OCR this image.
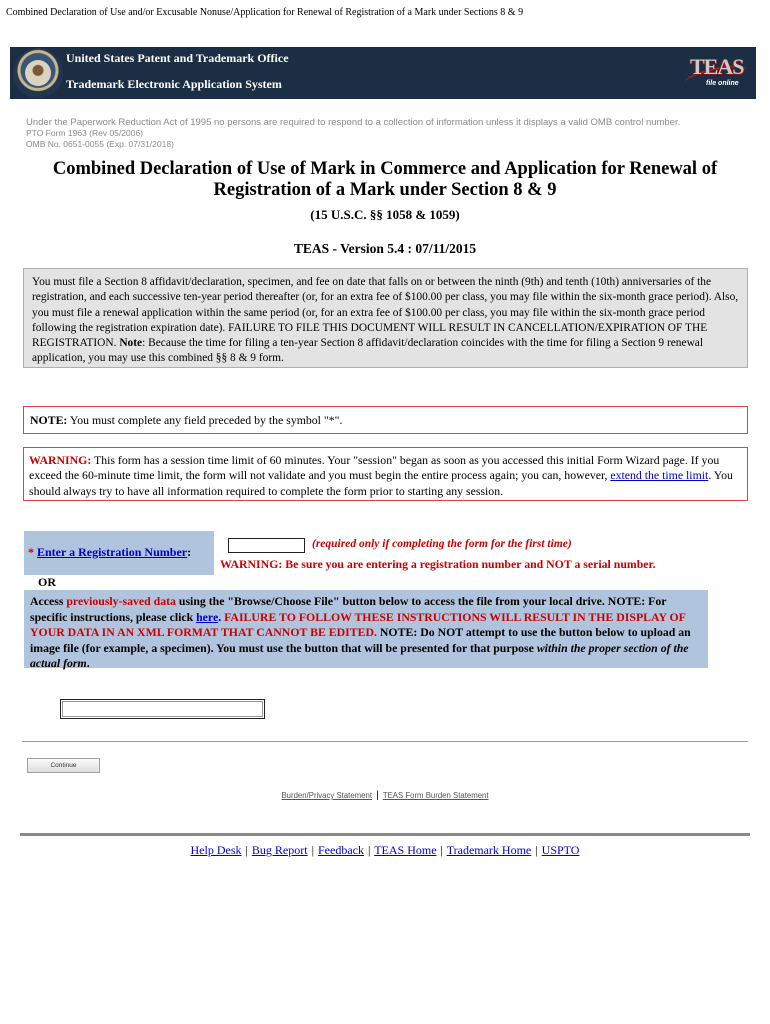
Combined Declaration of Use and/or Excusable Nonuse/Application for Renewal of Registration of a Mark under Sections 8 & 9
United States Patent and Trademark Office
Trademark Electronic Application System
TEAS
file online
Under the Paperwork Reduction Act of 1995 no persons are required to respond to a collection of information unless it displays a valid OMB control number.
PTO Form 1963 (Rev 05/2006)
OMB No. 0651-0055 (Exp. 07/31/2018)
Combined Declaration of Use of Mark in Commerce and Application for Renewal of Registration of a Mark under Section 8 & 9
(15 U.S.C. §§ 1058 & 1059)
TEAS - Version 5.4 : 07/11/2015

You must file a Section 8 affidavit/declaration, specimen, and fee on date that falls on or between the ninth (9th) and tenth (10th) anniversaries of the registration, and each successive ten-year period thereafter (or, for an extra fee of $100.00 per class, you may file within the six-month grace period). Also, you must file a renewal application within the same period (or, for an extra fee of $100.00 per class, you may file within the six-month grace period following the registration expiration date). FAILURE TO FILE THIS DOCUMENT WILL RESULT IN CANCELLATION/EXPIRATION OF THE REGISTRATION. Note: Because the time for filing a ten-year Section 8 affidavit/declaration coincides with the time for filing a Section 9 renewal application, you may use this combined §§ 8 & 9 form.

NOTE: You must complete any field preceded by the symbol "*".
WARNING: This form has a session time limit of 60 minutes. Your "session" began as soon as you accessed this initial Form Wizard page. If you exceed the 60-minute time limit, the form will not validate and you must begin the entire process again; you can, however, extend the time limit. You should always try to have all information required to complete the form prior to starting any session.
* Enter a Registration Number:
(required only if completing the form for the first time)
WARNING: Be sure you are entering a registration number and NOT a serial number.
OR
Access previously-saved data using the "Browse/Choose File" button below to access the file from your local drive. NOTE: For specific instructions, please click here. FAILURE TO FOLLOW THESE INSTRUCTIONS WILL RESULT IN THE DISPLAY OF YOUR DATA IN AN XML FORMAT THAT CANNOT BE EDITED. NOTE: Do NOT attempt to use the button below to upload an image file (for example, a specimen). You must use the button that will be presented for that purpose within the proper section of the actual form.
Continue
Burden/Privacy Statement | TEAS Form Burden Statement
Help Desk | Bug Report | Feedback | TEAS Home | Trademark Home | USPTO
